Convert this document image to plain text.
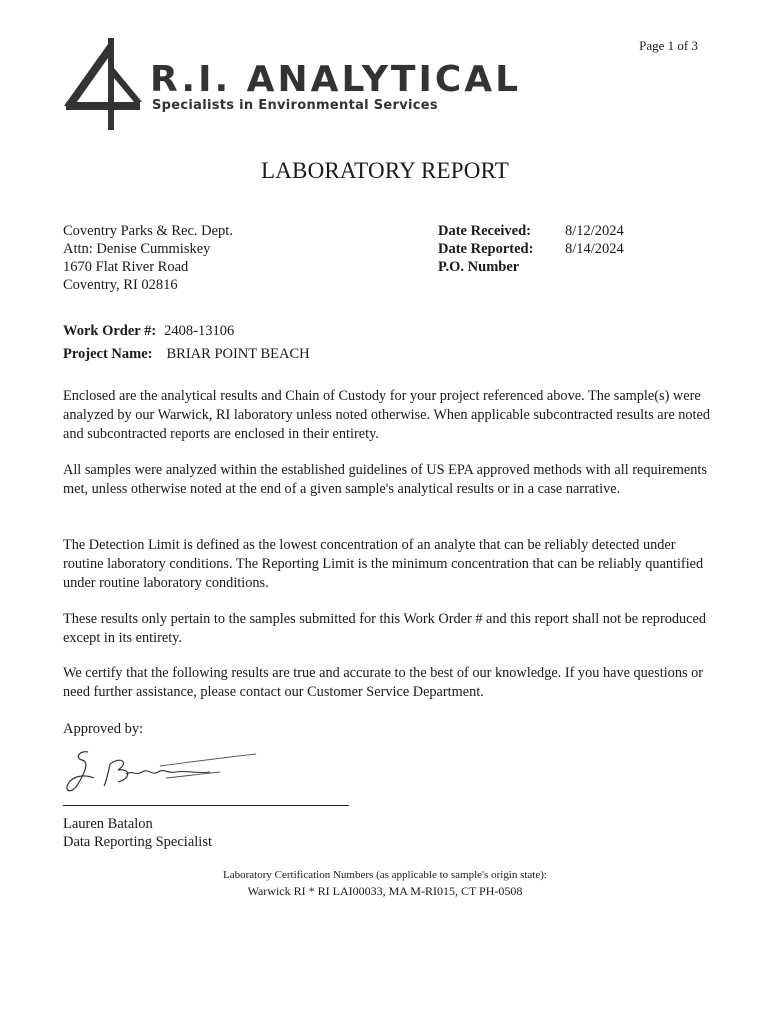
Page 1 of 3
R.I. ANALYTICAL
Specialists in Environmental Services
LABORATORY REPORT
Coventry Parks & Rec. Dept.
Attn: Denise Cummiskey
1670 Flat River Road
Coventry, RI 02816
Date Received:	8/12/2024
Date Reported:	8/14/2024
P.O. Number
Work Order #: 2408-13106
Project Name: BRIAR POINT BEACH

Enclosed are the analytical results and Chain of Custody for your project referenced above. The sample(s) were analyzed by our Warwick, RI laboratory unless noted otherwise. When applicable subcontracted results are noted and subcontracted reports are enclosed in their entirety.

All samples were analyzed within the established guidelines of US EPA approved methods with all requirements met, unless otherwise noted at the end of a given sample's analytical results or in a case narrative.

The Detection Limit is defined as the lowest concentration of an analyte that can be reliably detected under routine laboratory conditions. The Reporting Limit is the minimum concentration that can be reliably quantified under routine laboratory conditions.

These results only pertain to the samples submitted for this Work Order # and this report shall not be reproduced except in its entirety.

We certify that the following results are true and accurate to the best of our knowledge. If you have questions or need further assistance, please contact our Customer Service Department.

Approved by:
Lauren Batalon
Data Reporting Specialist
Laboratory Certification Numbers (as applicable to sample's origin state):
Warwick RI * RI LAI00033, MA M-RI015, CT PH-0508
